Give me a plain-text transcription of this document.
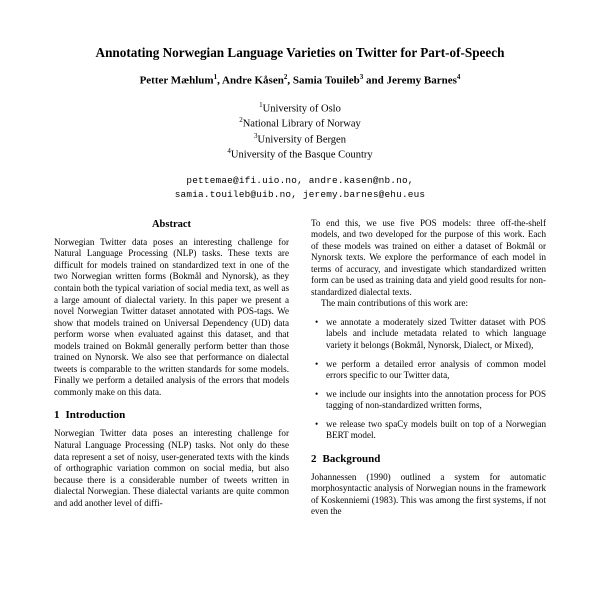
Annotating Norwegian Language Varieties on Twitter for Part-of-Speech
Petter Mæhlum$^1$, Andre Kåsen$^2$, Samia Touileb$^3$ and Jeremy Barnes$^4$
$^1$University of Oslo
$^2$National Library of Norway
$^3$University of Bergen
$^4$University of the Basque Country
pettemae@ifi.uio.no, andre.kasen@nb.no,
samia.touileb@uib.no, jeremy.barnes@ehu.eus
Abstract

Norwegian Twitter data poses an interesting challenge for Natural Language Processing (NLP) tasks. These texts are difficult for models trained on standardized text in one of the two Norwegian written forms (Bokmål and Nynorsk), as they contain both the typical variation of social media text, as well as a large amount of dialectal variety. In this paper we present a novel Norwegian Twitter dataset annotated with POS-tags. We show that models trained on Universal Dependency (UD) data perform worse when evaluated against this dataset, and that models trained on Bokmål generally perform better than those trained on Nynorsk. We also see that performance on dialectal tweets is comparable to the written standards for some models. Finally we perform a detailed analysis of the errors that models commonly make on this data.

1 Introduction

Norwegian Twitter data poses an interesting challenge for Natural Language Processing (NLP) tasks. Not only do these data represent a set of noisy, user-generated texts with the kinds of orthographic variation common on social media, but also because there is a considerable number of tweets written in dialectal Norwegian. These dialectal variants are quite common and add another level of diffi-

To end this, we use five POS models: three off-the-shelf models, and two developed for the purpose of this work. Each of these models was trained on either a dataset of Bokmål or Nynorsk texts. We explore the performance of each model in terms of accuracy, and investigate which standardized written form can be used as training data and yield good results for non-standardized dialectal texts.

The main contributions of this work are:

• we annotate a moderately sized Twitter dataset with POS labels and include metadata related to which language variety it belongs (Bokmål, Nynorsk, Dialect, or Mixed),
• we perform a detailed error analysis of common model errors specific to our Twitter data,
• we include our insights into the annotation process for POS tagging of non-standardized written forms,
• we release two spaCy models built on top of a Norwegian BERT model.
2 Background

Johannessen (1990) outlined a system for automatic morphosyntactic analysis of Norwegian nouns in the framework of Koskenniemi (1983). This was among the first systems, if not even the
